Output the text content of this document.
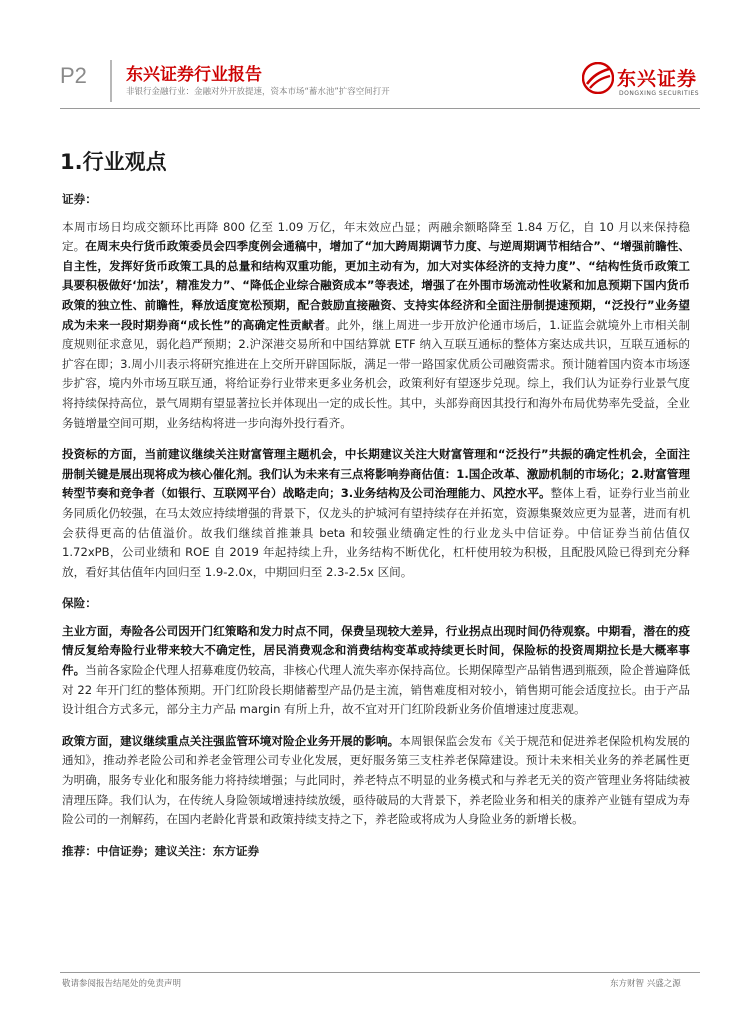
P2 东兴证券行业报告
非银行金融行业：金融对外开放提速，资本市场“蓄水池”扩容空间打开
东兴证券
DONGXING SECURITIES
1.行业观点

证券：

本周市场日均成交额环比再降 800 亿至 1.09 万亿，年末效应凸显；两融余额略降至 1.84 万亿，自 10 月以来保持稳定。在周末央行货币政策委员会四季度例会通稿中，增加了“加大跨周期调节力度、与逆周期调节相结合”、“增强前瞻性、自主性，发挥好货币政策工具的总量和结构双重功能，更加主动有为，加大对实体经济的支持力度”、“结构性货币政策工具要积极做好‘加法’，精准发力”、“降低企业综合融资成本”等表述，增强了在外围市场流动性收紧和加息预期下国内货币政策的独立性、前瞻性，释放适度宽松预期，配合鼓励直接融资、支持实体经济和全面注册制提速预期，“泛投行”业务望成为未来一段时期券商“成长性”的高确定性贡献者。此外，继上周进一步开放沪伦通市场后，1.证监会就境外上市相关制度规则征求意见，弱化趋严预期；2.沪深港交易所和中国结算就 ETF 纳入互联互通标的整体方案达成共识，互联互通标的扩容在即；3.周小川表示将研究推进在上交所开辟国际版，满足一带一路国家优质公司融资需求。预计随着国内资本市场逐步扩容，境内外市场互联互通，将给证券行业带来更多业务机会，政策利好有望逐步兑现。综上，我们认为证券行业景气度将持续保持高位，景气周期有望显著拉长并体现出一定的成长性。其中，头部券商因其投行和海外布局优势率先受益，全业务链增量空间可期，业务结构将进一步向海外投行看齐。

投资标的方面，当前建议继续关注财富管理主题机会，中长期建议关注大财富管理和“泛投行”共振的确定性机会，全面注册制关键是展出现将成为核心催化剂。我们认为未来有三点将影响券商估值：1.国企改革、激励机制的市场化；2.财富管理转型节奏和竞争者（如银行、互联网平台）战略走向；3.业务结构及公司治理能力、风控水平。整体上看，证券行业当前业务同质化仍较强，在马太效应持续增强的背景下，仅龙头的护城河有望持续存在并拓宽，资源集聚效应更为显著，进而有机会获得更高的估值溢价。故我们继续首推兼具 beta 和较强业绩确定性的行业龙头中信证券。中信证券当前估值仅 1.72xPB，公司业绩和 ROE 自 2019 年起持续上升，业务结构不断优化，杠杆使用较为积极，且配股风险已得到充分释放，看好其估值年内回归至 1.9-2.0x，中期回归至 2.3-2.5x 区间。

保险：

主业方面，寿险各公司因开门红策略和发力时点不同，保费呈现较大差异，行业拐点出现时间仍待观察。中期看，潜在的疫情反复给寿险行业带来较大不确定性，居民消费观念和消费结构变革或持续更长时间，保险标的投资周期拉长是大概率事件。当前各家险企代理人招募难度仍较高，非核心代理人流失率亦保持高位。长期保障型产品销售遇到瓶颈，险企普遍降低对 22 年开门红的整体预期。开门红阶段长期储蓄型产品仍是主流，销售难度相对较小，销售期可能会适度拉长。由于产品设计组合方式多元，部分主力产品 margin 有所上升，故不宜对开门红阶段新业务价值增速过度悲观。

政策方面，建议继续重点关注强监管环境对险企业务开展的影响。本周银保监会发布《关于规范和促进养老保险机构发展的通知》，推动养老险公司和养老金管理公司专业化发展，更好服务第三支柱养老保障建设。预计未来相关业务的养老属性更为明确，服务专业化和服务能力将持续增强；与此同时，养老特点不明显的业务模式和与养老无关的资产管理业务将陆续被清理压降。我们认为，在传统人身险领域增速持续放缓，亟待破局的大背景下，养老险业务和相关的康养产业链有望成为寿险公司的一剂解药，在国内老龄化背景和政策持续支持之下，养老险或将成为人身险业务的新增长极。

推荐：中信证券；建议关注：东方证券

敬请参阅报告结尾处的免责声明	东方财智 兴盛之源
